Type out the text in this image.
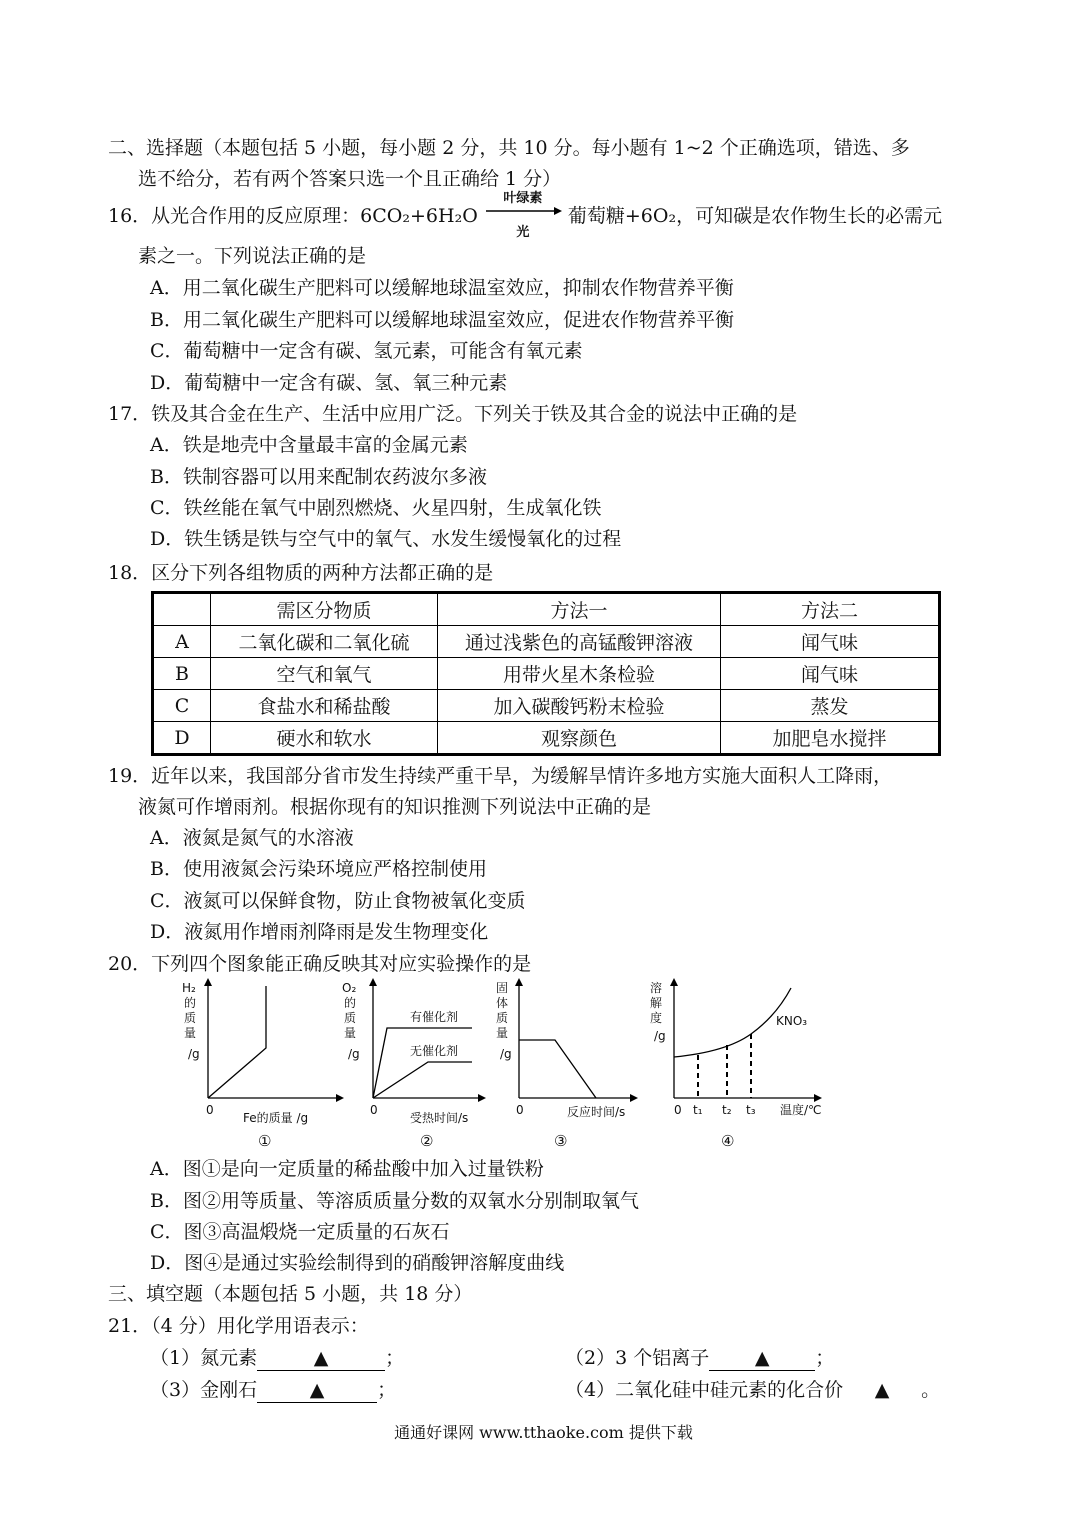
二、选择题（本题包括 5 小题，每小题 2 分，共 10 分。每小题有 1~2 个正确选项，错选、多
选不给分，若有两个答案只选一个且正确给 1 分）
16．从光合作用的反应原理：6CO₂+6H₂O
叶绿素
光
葡萄糖+6O₂，可知碳是农作物生长的必需元
素之一。下列说法正确的是
A．用二氧化碳生产肥料可以缓解地球温室效应，抑制农作物营养平衡
B．用二氧化碳生产肥料可以缓解地球温室效应，促进农作物营养平衡
C．葡萄糖中一定含有碳、氢元素，可能含有氧元素
D．葡萄糖中一定含有碳、氢、氧三种元素
17．铁及其合金在生产、生活中应用广泛。下列关于铁及其合金的说法中正确的是
A．铁是地壳中含量最丰富的金属元素
B．铁制容器可以用来配制农药波尔多液
C．铁丝能在氧气中剧烈燃烧、火星四射，生成氧化铁
D．铁生锈是铁与空气中的氧气、水发生缓慢氧化的过程
18．区分下列各组物质的两种方法都正确的是
	需区分物质	方法一	方法二
A	二氧化碳和二氧化硫	通过浅紫色的高锰酸钾溶液	闻气味
B	空气和氧气	用带火星木条检验	闻气味
C	食盐水和稀盐酸	加入碳酸钙粉末检验	蒸发
D	硬水和软水	观察颜色	加肥皂水搅拌
19．近年以来，我国部分省市发生持续严重干旱，为缓解旱情许多地方实施大面积人工降雨，
液氮可作增雨剂。根据你现有的知识推测下列说法中正确的是
A．液氮是氮气的水溶液
B．使用液氮会污染环境应严格控制使用
C．液氮可以保鲜食物，防止食物被氧化变质
D．液氮用作增雨剂降雨是发生物理变化
20．下列四个图象能正确反映其对应实验操作的是
H₂
的
质
量
/g
0
Fe的质量 /g
①
O₂
的
质
量
/g
有催化剂
无催化剂
0
受热时间/s
②
固
体
质
量
/g
0	反应时间/s
③
溶
解
度
/g
KNO₃
0 t₁ t₂ t₃ 温度/℃
④
A．图①是向一定质量的稀盐酸中加入过量铁粉
B．图②用等质量、等溶质质量分数的双氧水分别制取氧气
C．图③高温煅烧一定质量的石灰石
D．图④是通过实验绘制得到的硝酸钾溶解度曲线
三、填空题（本题包括 5 小题，共 18 分）
21．（4 分）用化学用语表示：
（1）氮元素	▲	；	（2）3 个铝离子 ▲ ；
（3）金刚石	▲	；	（4）二氧化硅中硅元素的化合价 ▲ 。
通通好课网 www.tthaoke.com 提供下载
